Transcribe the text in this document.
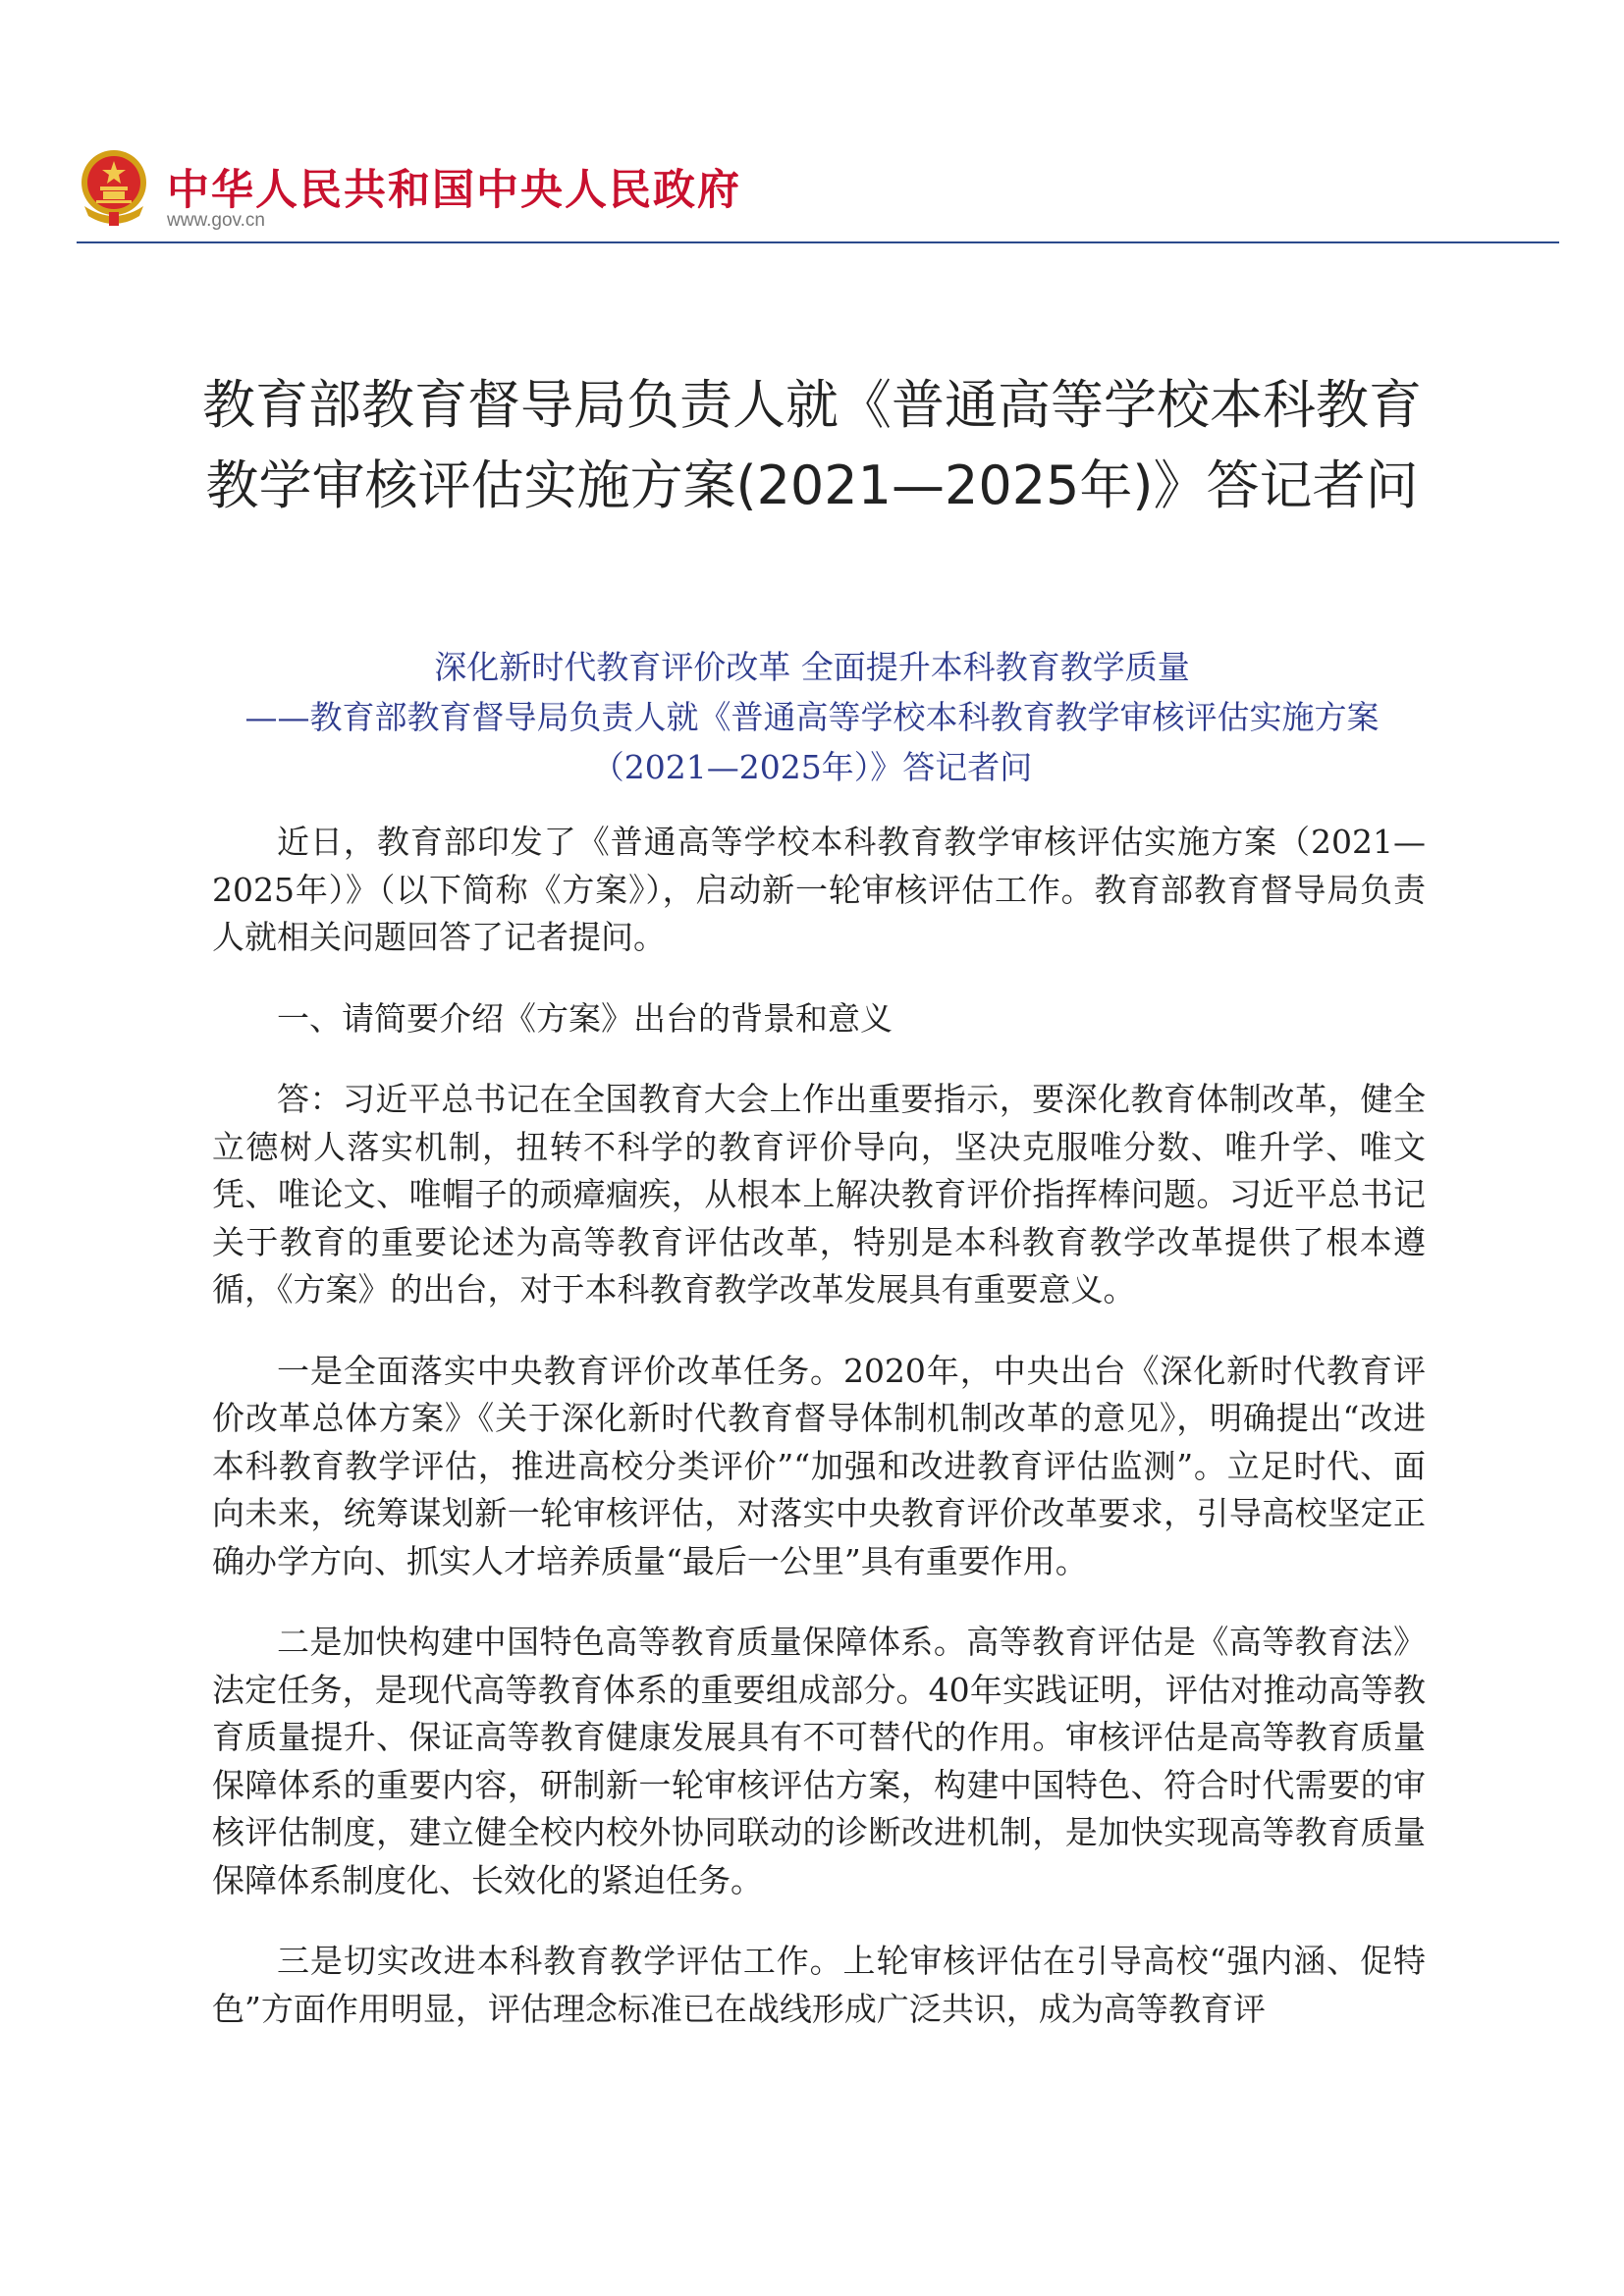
中华人民共和国中央人民政府
www.gov.cn
教育部教育督导局负责人就《普通高等学校本科教育
教学审核评估实施方案(2021—2025年)》答记者问
深化新时代教育评价改革 全面提升本科教育教学质量
——教育部教育督导局负责人就《普通高等学校本科教育教学审核评估实施方案
（2021—2025年）》答记者问

近日，教育部印发了《普通高等学校本科教育教学审核评估实施方案（2021—2025年）》（以下简称《方案》），启动新一轮审核评估工作。教育部教育督导局负责人就相关问题回答了记者提问。

一、请简要介绍《方案》出台的背景和意义

答：习近平总书记在全国教育大会上作出重要指示，要深化教育体制改革，健全立德树人落实机制，扭转不科学的教育评价导向，坚决克服唯分数、唯升学、唯文凭、唯论文、唯帽子的顽瘴痼疾，从根本上解决教育评价指挥棒问题。习近平总书记关于教育的重要论述为高等教育评估改革，特别是本科教育教学改革提供了根本遵循，《方案》的出台，对于本科教育教学改革发展具有重要意义。

一是全面落实中央教育评价改革任务。2020年，中央出台《深化新时代教育评价改革总体方案》《关于深化新时代教育督导体制机制改革的意见》，明确提出“改进本科教育教学评估，推进高校分类评价”“加强和改进教育评估监测”。立足时代、面向未来，统筹谋划新一轮审核评估，对落实中央教育评价改革要求，引导高校坚定正确办学方向、抓实人才培养质量“最后一公里”具有重要作用。

二是加快构建中国特色高等教育质量保障体系。高等教育评估是《高等教育法》法定任务，是现代高等教育体系的重要组成部分。40年实践证明，评估对推动高等教育质量提升、保证高等教育健康发展具有不可替代的作用。审核评估是高等教育质量保障体系的重要内容，研制新一轮审核评估方案，构建中国特色、符合时代需要的审核评估制度，建立健全校内校外协同联动的诊断改进机制，是加快实现高等教育质量保障体系制度化、长效化的紧迫任务。

三是切实改进本科教育教学评估工作。上轮审核评估在引导高校“强内涵、促特色”方面作用明显，评估理念标准已在战线形成广泛共识，成为高等教育评
